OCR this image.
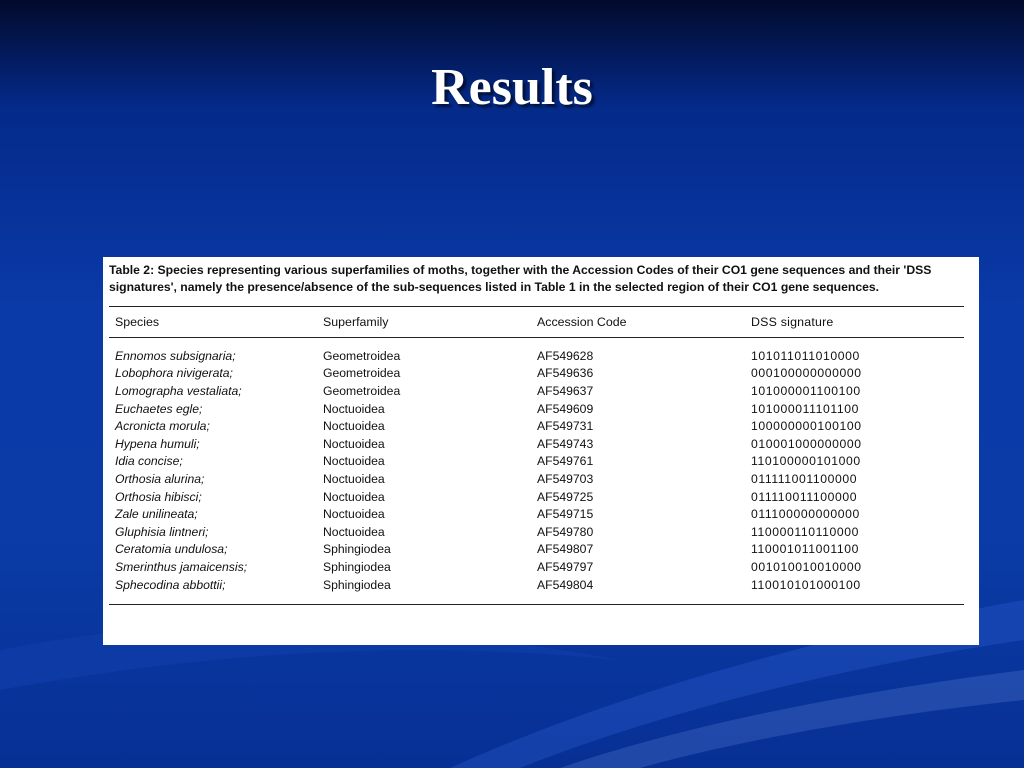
Results

Table 2: Species representing various superfamilies of moths, together with the Accession Codes of their CO1 gene sequences and their 'DSS signatures', namely the presence/absence of the sub-sequences listed in Table 1 in the selected region of their CO1 gene sequences.

Species	Superfamily	Accession Code	DSS signature
Ennomos subsignaria;	Geometroidea	AF549628	101011011010000
Lobophora nivigerata;	Geometroidea	AF549636	000100000000000
Lomographa vestaliata;	Geometroidea	AF549637	101000001100100
Euchaetes egle;	Noctuoidea	AF549609	101000011101100
Acronicta morula;	Noctuoidea	AF549731	100000000100100
Hypena humuli;	Noctuoidea	AF549743	010001000000000
Idia concise;	Noctuoidea	AF549761	110100000101000
Orthosia alurina;	Noctuoidea	AF549703	011111001100000
Orthosia hibisci;	Noctuoidea	AF549725	011110011100000
Zale unilineata;	Noctuoidea	AF549715	011100000000000
Gluphisia lintneri;	Noctuoidea	AF549780	110000110110000
Ceratomia undulosa;	Sphingiodea	AF549807	110001011001100
Smerinthus jamaicensis;	Sphingiodea	AF549797	001010010010000
Sphecodina abbottii;	Sphingiodea	AF549804	110010101000100
